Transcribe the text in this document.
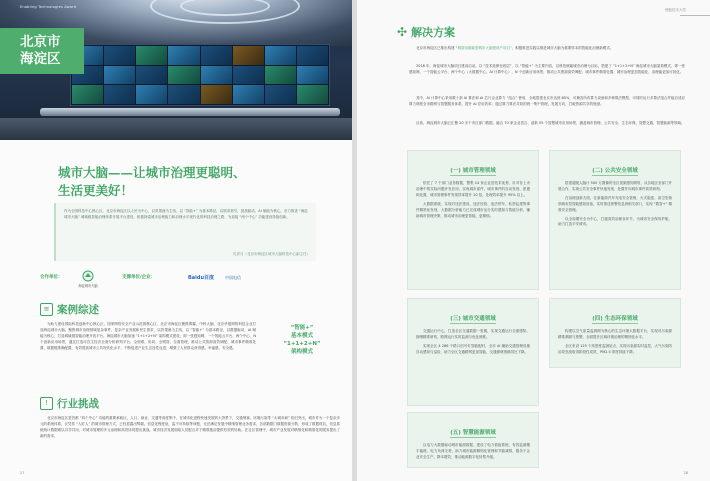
Enabling Technologies Award
北京市
海淀区
城市大脑——让城市治理更聪明、
生活更美好！

作为全国科技中心核心区，北京市海淀区以人民为中心，以效果流为主线，以 “智能+” 为基本路径，以展求需引，挑战驱动、AI 赋能为核心，至力推进 “海淀城市大脑” 城域级智能治理体系开展平台建设，积极探索城市治理能力和治理水平现代化的科技治理之路，为迎接 “两个中心” 功能建设持续创新。

孔祥月（北京市海淀区城市大脑科技中心副主任）
合作单位：
海淀城市大脑
支撑单位/企业：	Baidu百度	中国电信
≡ 案例综述

为助力建设国际科技创新中心核心区，国家网络安全产业示范园核心区，北京市海淀区聚焦雾霾，中科大脑、北京华夏网络科技企业打造海淀城市大脑。聚焦城市治理领域复杂事件，复杂产业发展和民生需求，以效果流为主线，以 “智能+” 为基本路径，以数据驱动，AI 赋能为核心，打造城域级智能治理开放平台。海淀城市大脑加速 “1+1+2+N” 架构模式建设，即一张感知网、一个智能云平台、两个中心，N 个创新应用场景，通过打造可自主经济全面分析研判平台、全面联、协同、全网智、全面管理，推动公共资源高效调配、城市事件精准处置、数据链准确配置，有效提高城市公共现代化水平，不断促进产业生态良性迈进，增强了人民群众获得感、幸福感、安全感。

“智能+”
基本模式
“1+1+2+N”
架构模式
! 行业挑战

北京市海淀区是首都 “四个中心” 功能的重要承载区，人口、商业、交通等高度集中，在城市化进程快速发展的大背景下，交通堵塞、环境污染等 “大城市病” 依旧突出，城市作为一个复杂多元的系统体系，仅凭传 “人盯人” 的城市管理方式，已经显露出弊端。信息化程度低，监不可持续等问题，无法满足发展中精细管理业务需求，各部数据门数据资源分散，形成了数据孤岛，信息系统统计数据难以共享共用，对城市管理的多元治理和高效协同提出挑战。城市经济发展面临人员配合对于精准施治提供有效的协助。在社区管理中，城市产业发展对精细化和精准化的服务提出了新的需求。

27
使能技术大奖
✣ 解决方案

北京市海淀区已推出构建 “城智治数能型城市大脑建设产项目”，积极推进实践以推进城市大脑为重要样本的智能化治理新模式。

2018 年，海淀城市大脑项目建设启动。以 “技术延伸至底层”，以 “智能+” 为主要内容，以科技赋能城市治理为目标，搭建了 “1+1+2+N” 海淀城市大脑架构模式，即一张感知网、一个智能云平台、两个中心（大数据中心、AI 计算中心）、N 个创新应用场景，推动公共资源高效调配、城市事件精准处置、城市治理更加智能化、治理能更加可视化。

其中，AI 计算中心采用数十套 AI 算法和 AI 芯片企业算力 “组合” 使用，全地搭建北京市达到 85%，可兼容所有算力设备和多种算法模型，可同时运行多算法组合并能自适应算力调度全市路网与智慧服务体系，提升 AI 应用效率；通过算力算法共同的统一集中管理，发展方向，打破资源共享的瓶颈。

目前，海淀城市大脑已汇聚 20 多个市区部门数据，融合 70 家企业语言、创新 55 个智慧城市应用场景，涵盖城市管理、公共安全、生态环保、智慧交通、智慧能源等领域。

(一) 城市管理领域

依托了 7 个部门业务数据，整集 14 家企业语技术优势，针对各上市治理中的实际问题开发应用，实现城市部件、城市事件的自动发现、派遣和处置，城市管理事件发现效率提升 10 倍，处理效率提升 95% 以上。

大数据系统，实现对违法建设、违法经营、违法停车、私搭乱建等事件精准化发现，大数据分析能力已完成城市运行实时感知与智能分析，辅助城市管理决策，推动城市治理更智能、更精细。

(二) 公共安全领域

搭建超级人脑计 500 万摄像的全区视频感知网络，从各地区至部门开展合作，实现公共安全事件快速发现，处置并向城市事件高效研判。

在治理创新方面，在新能源汽车充电安全管理，火灾隐患、高空坠物领域布控智能感知设备，实时推送预警信息到相关部门，实现 “数智+” 精准安全管理。

以全周期安全为中心，打通高效治理各环节，为城市安全保驾护航，助力打造平安城市。

(三) 城市交通领域

交通运行中心，打造全区交通数据一张图，实现交通运行全面感知、拥堵精准研判，路网运行实时监测与优化调度。

实现全区 4 286 个路口信号灯智能配时，全市 AI 辅助交通管理设施自动感知与巡检，助力全区交通路网更加智能，交通拥堵指数同比下降。

(四) 生态环保领域

构建以空气质量监测网为核心的生态环境大数据平台，实现对污染源精准溯源与预警，全面提升区域环境治理的精细化水平。

全区布设 125 个高密度监测站点，实现污染源实时监控，大气污染防治攻坚战取得阶段性成效，PM2.5 浓度持续下降。

(五) 智慧能源领域

以电力大数据驱动城市能源数据，建设了电力看板系统，有效监测楼宇能耗、电力负荷走势，助力城市能源精细化管理和节能减排，服务于企业安全生产、降本增效，推动能源数字化转型升级。

28
